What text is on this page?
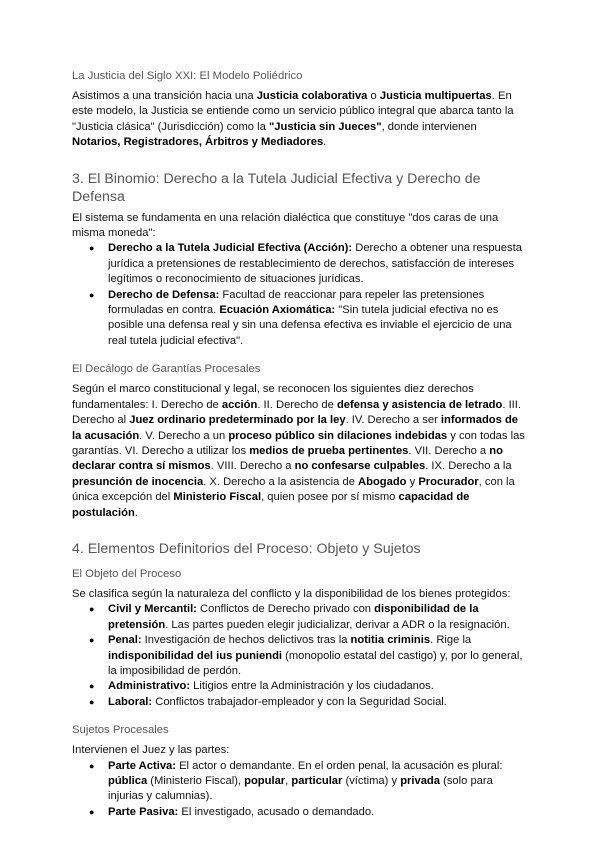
La Justicia del Siglo XXI: El Modelo Poliédrico

Asistimos a una transición hacia una Justicia colaborativa o Justicia multipuertas. En este modelo, la Justicia se entiende como un servicio público integral que abarca tanto la "Justicia clásica" (Jurisdicción) como la "Justicia sin Jueces", donde intervienen Notarios, Registradores, Árbitros y Mediadores.

3. El Binomio: Derecho a la Tutela Judicial Efectiva y Derecho de Defensa

El sistema se fundamenta en una relación dialéctica que constituye "dos caras de una misma moneda":

● Derecho a la Tutela Judicial Efectiva (Acción): Derecho a obtener una respuesta jurídica a pretensiones de restablecimiento de derechos, satisfacción de intereses legítimos o reconocimiento de situaciones jurídicas.
● Derecho de Defensa: Facultad de reaccionar para repeler las pretensiones formuladas en contra. Ecuación Axiomática: "Sin tutela judicial efectiva no es posible una defensa real y sin una defensa efectiva es inviable el ejercicio de una real tutela judicial efectiva".
El Decálogo de Garantías Procesales

Según el marco constitucional y legal, se reconocen los siguientes diez derechos fundamentales: I. Derecho de acción. II. Derecho de defensa y asistencia de letrado. III. Derecho al Juez ordinario predeterminado por la ley. IV. Derecho a ser informados de la acusación. V. Derecho a un proceso público sin dilaciones indebidas y con todas las garantías. VI. Derecho a utilizar los medios de prueba pertinentes. VII. Derecho a no declarar contra sí mismos. VIII. Derecho a no confesarse culpables. IX. Derecho a la presunción de inocencia. X. Derecho a la asistencia de Abogado y Procurador, con la única excepción del Ministerio Fiscal, quien posee por sí mismo capacidad de postulación.

4. Elementos Definitorios del Proceso: Objeto y Sujetos
El Objeto del Proceso

Se clasifica según la naturaleza del conflicto y la disponibilidad de los bienes protegidos:

● Civil y Mercantil: Conflictos de Derecho privado con disponibilidad de la pretensión. Las partes pueden elegir judicializar, derivar a ADR o la resignación.
● Penal: Investigación de hechos delictivos tras la notitia criminis. Rige la indisponibilidad del ius puniendi (monopolio estatal del castigo) y, por lo general, la imposibilidad de perdón.
● Administrativo: Litigios entre la Administración y los ciudadanos.
● Laboral: Conflictos trabajador-empleador y con la Seguridad Social.
Sujetos Procesales

Intervienen el Juez y las partes:

● Parte Activa: El actor o demandante. En el orden penal, la acusación es plural: pública (Ministerio Fiscal), popular, particular (víctima) y privada (solo para injurias y calumnias).
● Parte Pasiva: El investigado, acusado o demandado.
